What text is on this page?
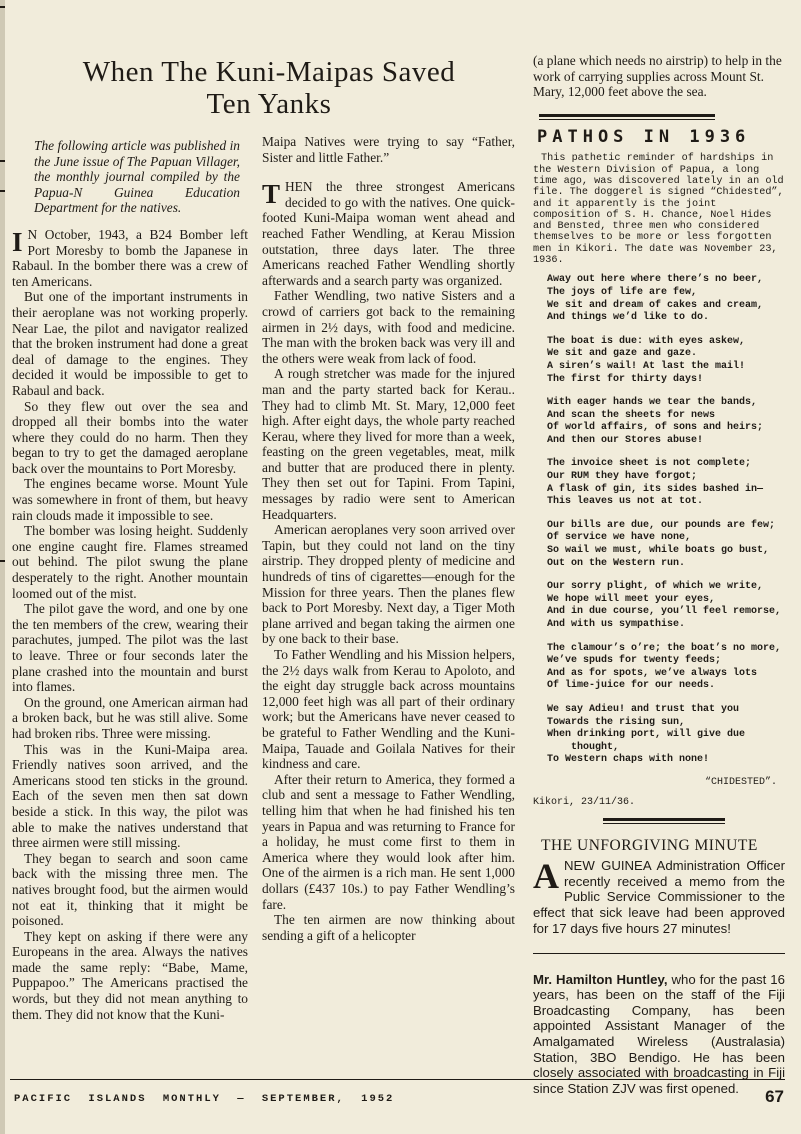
When The Kuni-Maipas Saved
Ten Yanks

The following article was published in the June issue of The Papuan Villager, the monthly journal compiled by the Papua-N Guinea Education Department for the natives.

I N October, 1943, a B24 Bomber left Port Moresby to bomb the Japanese in Rabaul. In the bomber there was a crew of ten Americans.

But one of the important instruments in their aeroplane was not working properly. Near Lae, the pilot and navigator realized that the broken instrument had done a great deal of damage to the engines. They decided it would be impossible to get to Rabaul and back.

So they flew out over the sea and dropped all their bombs into the water where they could do no harm. Then they began to try to get the damaged aeroplane back over the mountains to Port Moresby.

The engines became worse. Mount Yule was somewhere in front of them, but heavy rain clouds made it impossible to see.

The bomber was losing height. Suddenly one engine caught fire. Flames streamed out behind. The pilot swung the plane desperately to the right. Another mountain loomed out of the mist.

The pilot gave the word, and one by one the ten members of the crew, wearing their parachutes, jumped. The pilot was the last to leave. Three or four seconds later the plane crashed into the mountain and burst into flames.

On the ground, one American airman had a broken back, but he was still alive. Some had broken ribs. Three were missing.

This was in the Kuni-Maipa area. Friendly natives soon arrived, and the Americans stood ten sticks in the ground. Each of the seven men then sat down beside a stick. In this way, the pilot was able to make the natives understand that three airmen were still missing.

They began to search and soon came back with the missing three men. The natives brought food, but the airmen would not eat it, thinking that it might be poisoned.

They kept on asking if there were any Europeans in the area. Always the natives made the same reply: “Babe, Mame, Puppapoo.” The Americans practised the words, but they did not mean anything to them. They did not know that the Kuni-

Maipa Natives were trying to say “Father, Sister and little Father.”

THEN the three strongest Americans decided to go with the natives. One quick-footed Kuni-Maipa woman went ahead and reached Father Wendling, at Kerau Mission outstation, three days later. The three Americans reached Father Wendling shortly afterwards and a search party was organized.

Father Wendling, two native Sisters and a crowd of carriers got back to the remaining airmen in 2½ days, with food and medicine. The man with the broken back was very ill and the others were weak from lack of food.

A rough stretcher was made for the injured man and the party started back for Kerau.. They had to climb Mt. St. Mary, 12,000 feet high. After eight days, the whole party reached Kerau, where they lived for more than a week, feasting on the green vegetables, meat, milk and butter that are produced there in plenty. They then set out for Tapini. From Tapini, messages by radio were sent to American Headquarters.

American aeroplanes very soon arrived over Tapin, but they could not land on the tiny airstrip. They dropped plenty of medicine and hundreds of tins of cigarettes—enough for the Mission for three years. Then the planes flew back to Port Moresby. Next day, a Tiger Moth plane arrived and began taking the airmen one by one back to their base.

To Father Wendling and his Mission helpers, the 2½ days walk from Kerau to Apoloto, and the eight day struggle back across mountains 12,000 feet high was all part of their ordinary work; but the Americans have never ceased to be grateful to Father Wendling and the Kuni-Maipa, Tauade and Goilala Natives for their kindness and care.

After their return to America, they formed a club and sent a message to Father Wendling, telling him that when he had finished his ten years in Papua and was returning to France for a holiday, he must come first to them in America where they would look after him. One of the airmen is a rich man. He sent 1,000 dollars (£437 10s.) to pay Father Wendling’s fare.

The ten airmen are now thinking about sending a gift of a helicopter

(a plane which needs no airstrip) to help in the work of carrying supplies across Mount St. Mary, 12,000 feet above the sea.

PATHOS IN 1936

This pathetic reminder of hardships in the Western Division of Papua, a long time ago, was discovered lately in an old file. The doggerel is signed “Chidested”, and it apparently is the joint composition of S. H. Chance, Noel Hides and Bensted, three men who considered themselves to be more or less forgotten men in Kikori. The date was November 23, 1936.

Away out here where there’s no beer,
The joys of life are few,
We sit and dream of cakes and cream,
And things we’d like to do.
The boat is due: with eyes askew,
We sit and gaze and gaze.
A siren’s wail! At last the mail!
The first for thirty days!
With eager hands we tear the bands,
And scan the sheets for news
Of world affairs, of sons and heirs;
And then our Stores abuse!
The invoice sheet is not complete;
Our RUM they have forgot;
A flask of gin, its sides bashed in—
This leaves us not at tot.
Our bills are due, our pounds are few;
Of service we have none,
So wail we must, while boats go bust,
Out on the Western run.
Our sorry plight, of which we write,
We hope will meet your eyes,
And in due course, you’ll feel remorse,
And with us sympathise.
The clamour’s o’re; the boat’s no more,
We’ve spuds for twenty feeds;
And as for spots, we’ve always lots
Of lime-juice for our needs.
We say Adieu! and trust that you
Towards the rising sun,
When drinking port, will give due
thought,
To Western chaps with none!
“CHIDESTED”.
Kikori, 23/11/36.
THE UNFORGIVING MINUTE
ANEW GUINEA Administration Officer recently received a memo from the Public Service Commissioner to the effect that sick leave had been approved for 17 days five hours 27 minutes!
Mr. Hamilton Huntley, who for the past 16 years, has been on the staff of the Fiji Broadcasting Company, has been appointed Assistant Manager of the Amalgamated Wireless (Australasia) Station, 3BO Bendigo. He has been closely associated with broadcasting in Fiji since Station ZJV was first opened.
PACIFIC ISLANDS MONTHLY — SEPTEMBER, 1952	67
